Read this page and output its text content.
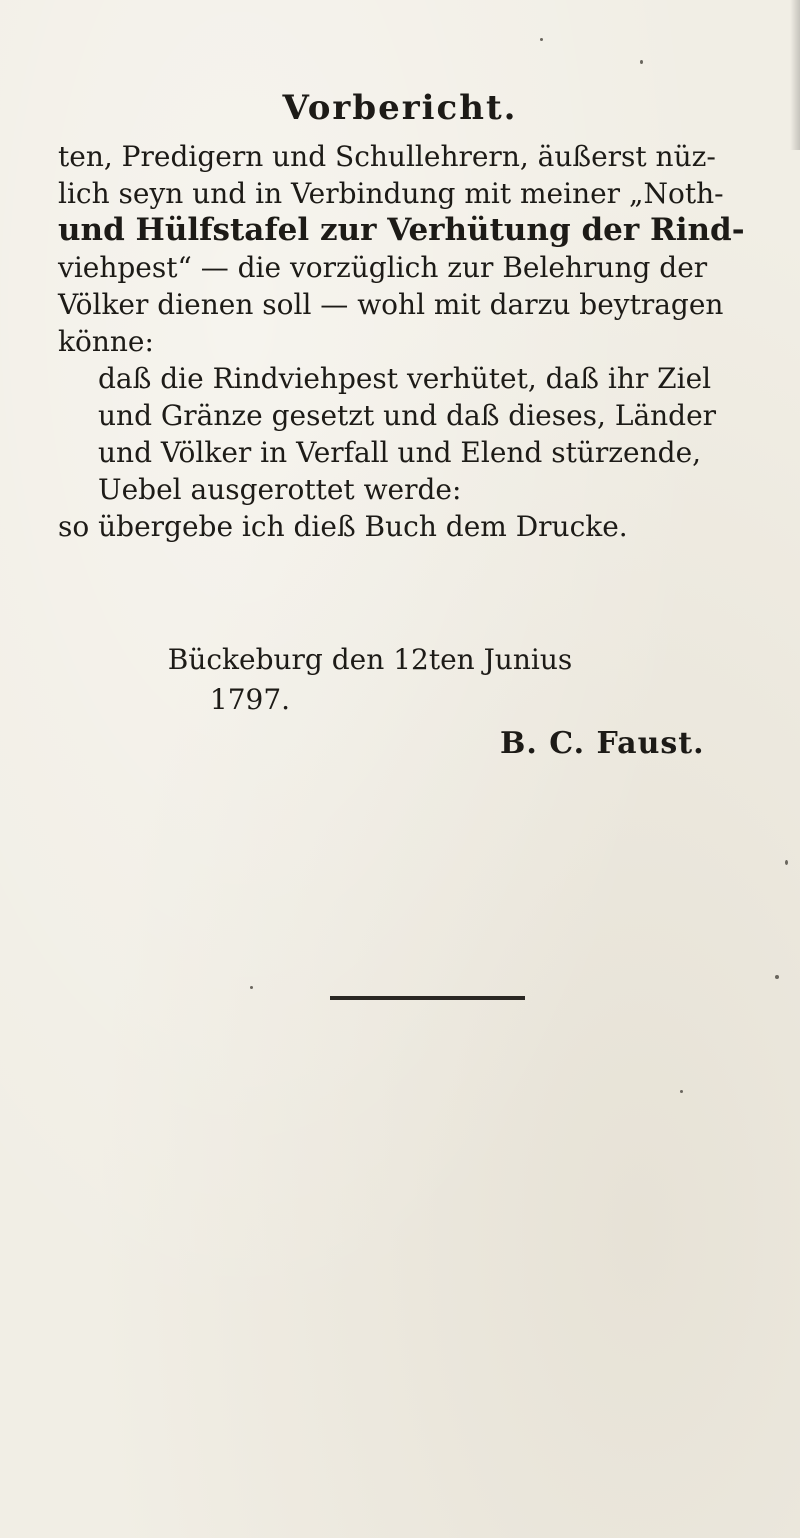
Vorbericht.
ten, Predigern und Schullehrern, äußerst nüz-
lich seyn und in Verbindung mit meiner „Noth-
und Hülfstafel zur Verhütung der Rind-
viehpest“ — die vorzüglich zur Belehrung der
Völker dienen soll — wohl mit darzu beytragen
könne:
daß die Rindviehpest verhütet, daß ihr Ziel
und Gränze gesetzt und daß dieses, Länder
und Völker in Verfall und Elend stürzende,
Uebel ausgerottet werde:
so übergebe ich dieß Buch dem Drucke.
Bückeburg den 12ten Junius
1797.
B. C. Faust.
